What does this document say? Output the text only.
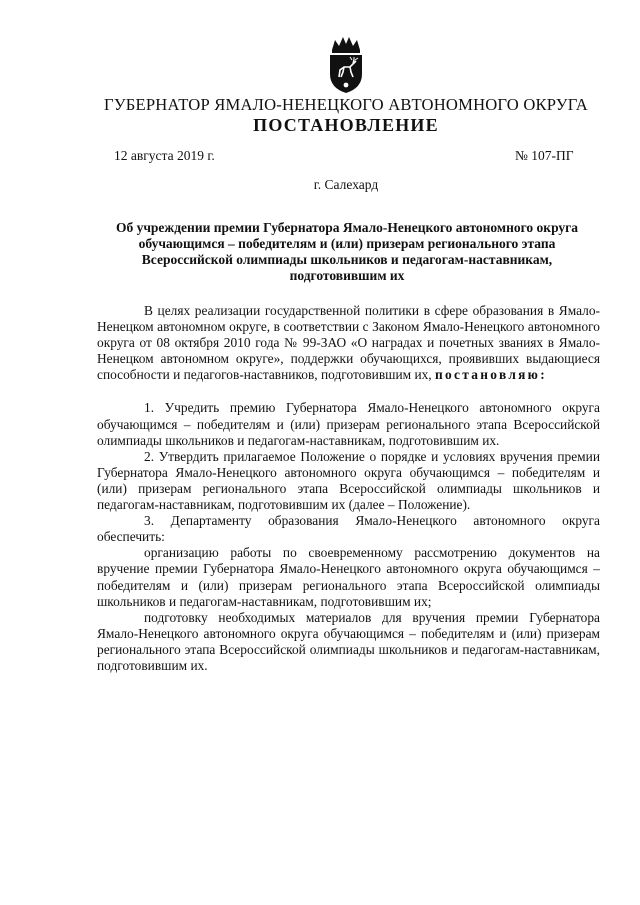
ГУБЕРНАТОР ЯМАЛО-НЕНЕЦКОГО АВТОНОМНОГО ОКРУГА
ПОСТАНОВЛЕНИЕ
12 августа 2019 г.	№ 107-ПГ
г. Салехард
Об учреждении премии Губернатора Ямало-Ненецкого автономного округа обучающимся – победителям и (или) призерам регионального этапа Всероссийской олимпиады школьников и педагогам-наставникам, подготовившим их

В целях реализации государственной политики в сфере образования в Ямало-Ненецком автономном округе, в соответствии с Законом Ямало-Ненецкого автономного округа от 08 октября 2010 года № 99-ЗАО «О наградах и почетных званиях в Ямало-Ненецком автономном округе», поддержки обучающихся, проявивших выдающиеся способности и педагогов-наставников, подготовившим их, постановляю:

1. Учредить премию Губернатора Ямало-Ненецкого автономного округа обучающимся – победителям и (или) призерам регионального этапа Всероссийской олимпиады школьников и педагогам-наставникам, подготовившим их.

2. Утвердить прилагаемое Положение о порядке и условиях вручения премии Губернатора Ямало-Ненецкого автономного округа обучающимся – победителям и (или) призерам регионального этапа Всероссийской олимпиады школьников и педагогам-наставникам, подготовившим их (далее – Положение).

3. Департаменту образования Ямало-Ненецкого автономного округа обеспечить:

организацию работы по своевременному рассмотрению документов на вручение премии Губернатора Ямало-Ненецкого автономного округа обучающимся – победителям и (или) призерам регионального этапа Всероссийской олимпиады школьников и педагогам-наставникам, подготовившим их;

подготовку необходимых материалов для вручения премии Губернатора Ямало-Ненецкого автономного округа обучающимся – победителям и (или) призерам регионального этапа Всероссийской олимпиады школьников и педагогам-наставникам, подготовившим их.
